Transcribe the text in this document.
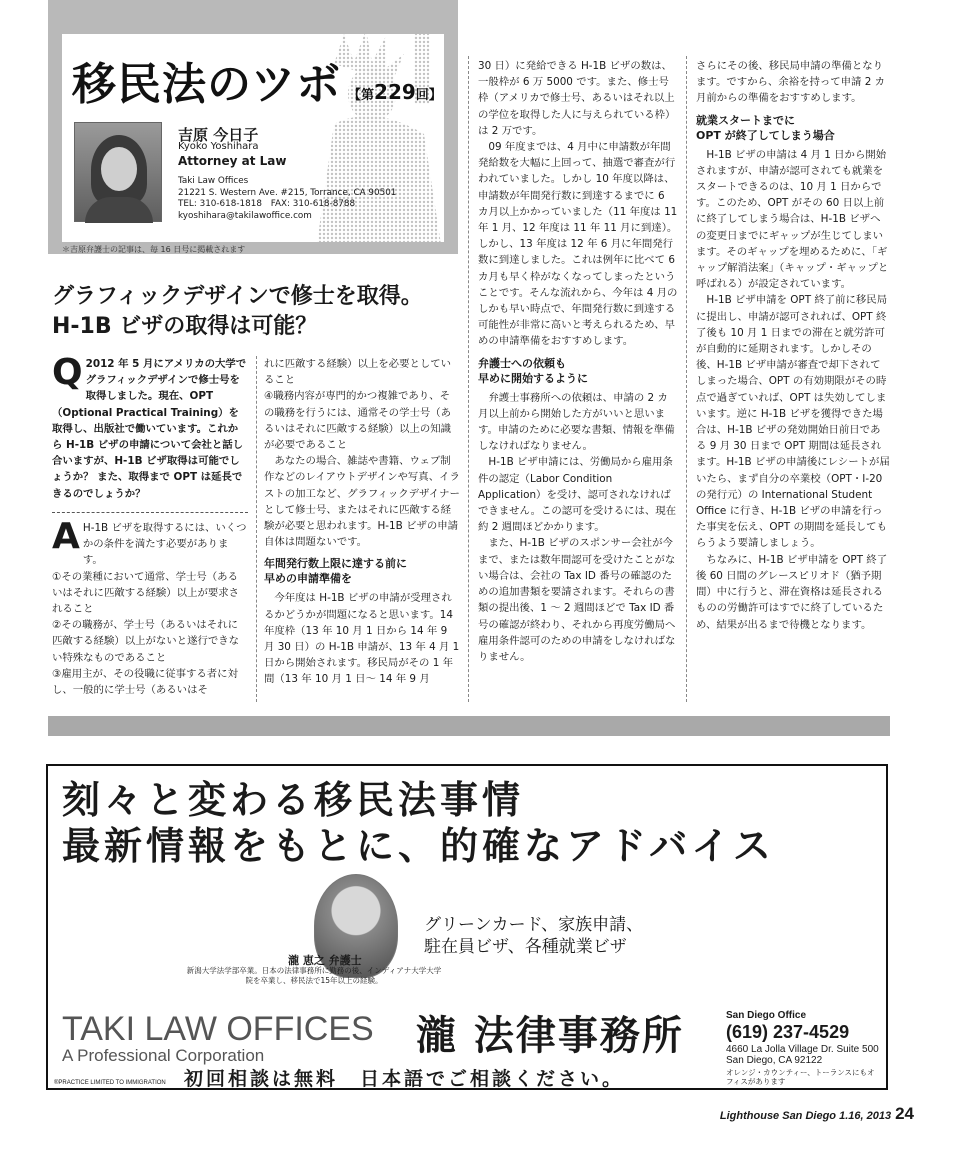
移民法のツボ 【第229回】
吉原 今日子
Kyoko Yoshihara
Attorney at Law
Taki Law Offices
21221 S. Western Ave. #215, Torrance, CA 90501
TEL: 310-618-1818　FAX: 310-618-8788
kyoshihara@takilawoffice.com
＊吉原弁護士の記事は、毎 16 日号に掲載されます
グラフィックデザインで修士を取得。
H-1B ビザの取得は可能？
Q 2012 年 5 月にアメリカの大学でグラフィックデザインで修士号を取得しました。現在、OPT（Optional Practical Training）を取得し、出版社で働いています。これから H-1B ビザの申請について会社と話し合いますが、H-1B ビザ取得は可能でしょうか？ また、取得まで OPT は延長できるのでしょうか？
A H-1B ビザを取得するには、いくつかの条件を満たす必要があります。
①その業種において通常、学士号（あるいはそれに匹敵する経験）以上が要求されること
②その職務が、学士号（あるいはそれに匹敵する経験）以上がないと遂行できない特殊なものであること
③雇用主が、その役職に従事する者に対し、一般的に学士号（あるいはそ

れに匹敵する経験）以上を必要としていること
④職務内容が専門的かつ複雑であり、その職務を行うには、通常その学士号（あるいはそれに匹敵する経験）以上の知識が必要であること
　あなたの場合、雑誌や書籍、ウェブ制作などのレイアウトデザインや写真、イラストの加工など、グラフィックデザイナーとして修士号、またはそれに匹敵する経験が必要と思われます。H-1B ビザの申請自体は問題ないです。

年間発行数上限に達する前に
早めの申請準備を

　今年度は H-1B ビザの申請が受理されるかどうかが問題になると思います。14 年度枠（13 年 10 月 1 日から 14 年 9 月 30 日）の H-1B 申請が、13 年 4 月 1 日から開始されます。移民局がその 1 年間（13 年 10 月 1 日～ 14 年 9 月

30 日）に発給できる H-1B ビザの数は、一般枠が 6 万 5000 です。また、修士号枠（アメリカで修士号、あるいはそれ以上の学位を取得した人に与えられている枠）は 2 万です。
　09 年度までは、4 月中に申請数が年間発給数を大幅に上回って、抽選で審査が行われていました。しかし 10 年度以降は、申請数が年間発行数に到達するまでに 6 カ月以上かかっていました（11 年度は 11 年 1 月、12 年度は 11 年 11 月に到達）。しかし、13 年度は 12 年 6 月に年間発行数に到達しました。これは例年に比べて 6 カ月も早く枠がなくなってしまったということです。そんな流れから、今年は 4 月のしかも早い時点で、年間発行数に到達する可能性が非常に高いと考えられるため、早めの申請準備をおすすめします。

弁護士への依頼も
早めに開始するように

　弁護士事務所への依頼は、申請の 2 カ月以上前から開始した方がいいと思います。申請のために必要な書類、情報を準備しなければなりません。
　H-1B ビザ申請には、労働局から雇用条件の認定（Labor Condition Application）を受け、認可されなければできません。この認可を受けるには、現在約 2 週間ほどかかります。
　また、H-1B ビザのスポンサー会社が今まで、または数年間認可を受けたことがない場合は、会社の Tax ID 番号の確認のための追加書類を要請されます。それらの書類の提出後、1 ～ 2 週間ほどで Tax ID 番号の確認が終わり、それから再度労働局へ雇用条件認可のための申請をしなければなりません。

さらにその後、移民局申請の準備となります。ですから、余裕を持って申請 2 カ月前からの準備をおすすめします。

就業スタートまでに
OPT が終了してしまう場合

　H-1B ビザの申請は 4 月 1 日から開始されますが、申請が認可されても就業をスタートできるのは、10 月 1 日からです。このため、OPT がその 60 日以上前に終了してしまう場合は、H-1B ビザへの変更日までにギャップが生じてしまいます。そのギャップを埋めるために、「ギャップ解消法案」（キャップ・ギャップと呼ばれる）が設定されています。
　H-1B ビザ申請を OPT 終了前に移民局に提出し、申請が認可されれば、OPT 終了後も 10 月 1 日までの滞在と就労許可が自動的に延期されます。しかしその後、H-1B ビザ申請が審査で却下されてしまった場合、OPT の有効期限がその時点で過ぎていれば、OPT は失効してしまいます。逆に H-1B ビザを獲得できた場合は、H-1B ビザの発効開始日前日である 9 月 30 日まで OPT 期間は延長されます。H-1B ビザの申請後にレシートが届いたら、まず自分の卒業校（OPT・I-20 の発行元）の International Student Office に行き、H-1B ビザの申請を行った事実を伝え、OPT の期間を延長してもらうよう要請しましょう。
　ちなみに、H-1B ビザ申請を OPT 終了後 60 日間のグレースピリオド（猶予期間）中に行うと、滞在資格は延長されるものの労働許可はすでに終了しているため、結果が出るまで待機となります。

刻々と変わる移民法事情
最新情報をもとに、的確なアドバイス
グリーンカード、家族申請、
駐在員ビザ、各種就業ビザ
瀧 恵之 弁護士
新潟大学法学部卒業。日本の法律事務所に勤務の後、インディアナ大学大学院を卒業し、移民法で15年以上の経験。
TAKI LAW OFFICES
A Professional Corporation	瀧 法律事務所	San Diego Office
(619) 237-4529
4660 La Jolla Village Dr. Suite 500
San Diego, CA 92122
オレンジ・カウンティー、トーランスにもオフィスがあります
初回相談は無料　日本語でご相談ください。
®PRACTICE LIMITED TO IMMIGRATION
Lighthouse San Diego 1.16, 2013 24
